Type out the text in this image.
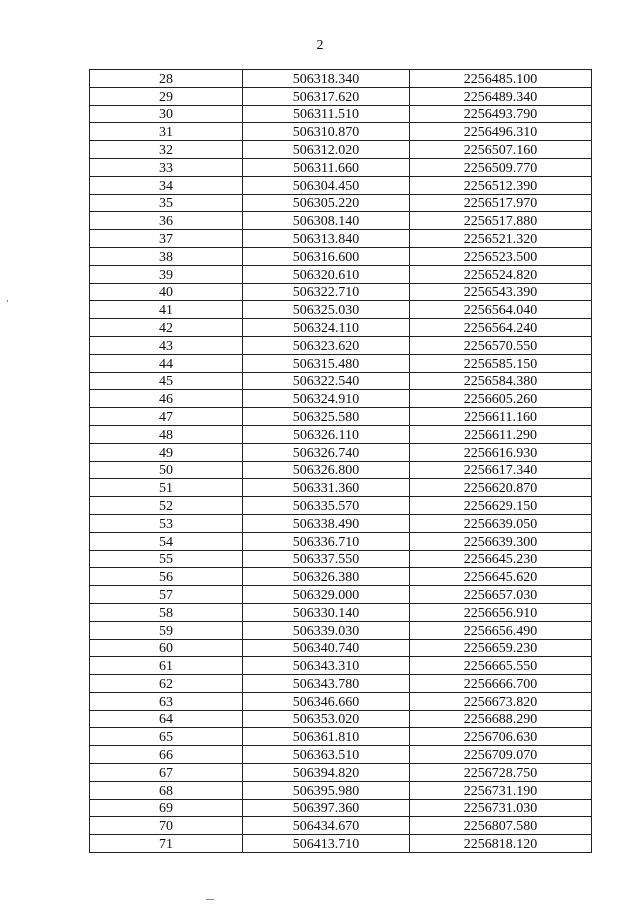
2
28	506318.340	2256485.100
29	506317.620	2256489.340
30	506311.510	2256493.790
31	506310.870	2256496.310
32	506312.020	2256507.160
33	506311.660	2256509.770
34	506304.450	2256512.390
35	506305.220	2256517.970
36	506308.140	2256517.880
37	506313.840	2256521.320
38	506316.600	2256523.500
39	506320.610	2256524.820
40	506322.710	2256543.390
41	506325.030	2256564.040
42	506324.110	2256564.240
43	506323.620	2256570.550
44	506315.480	2256585.150
45	506322.540	2256584.380
46	506324.910	2256605.260
47	506325.580	2256611.160
48	506326.110	2256611.290
49	506326.740	2256616.930
50	506326.800	2256617.340
51	506331.360	2256620.870
52	506335.570	2256629.150
53	506338.490	2256639.050
54	506336.710	2256639.300
55	506337.550	2256645.230
56	506326.380	2256645.620
57	506329.000	2256657.030
58	506330.140	2256656.910
59	506339.030	2256656.490
60	506340.740	2256659.230
61	506343.310	2256665.550
62	506343.780	2256666.700
63	506346.660	2256673.820
64	506353.020	2256688.290
65	506361.810	2256706.630
66	506363.510	2256709.070
67	506394.820	2256728.750
68	506395.980	2256731.190
69	506397.360	2256731.030
70	506434.670	2256807.580
71	506413.710	2256818.120
